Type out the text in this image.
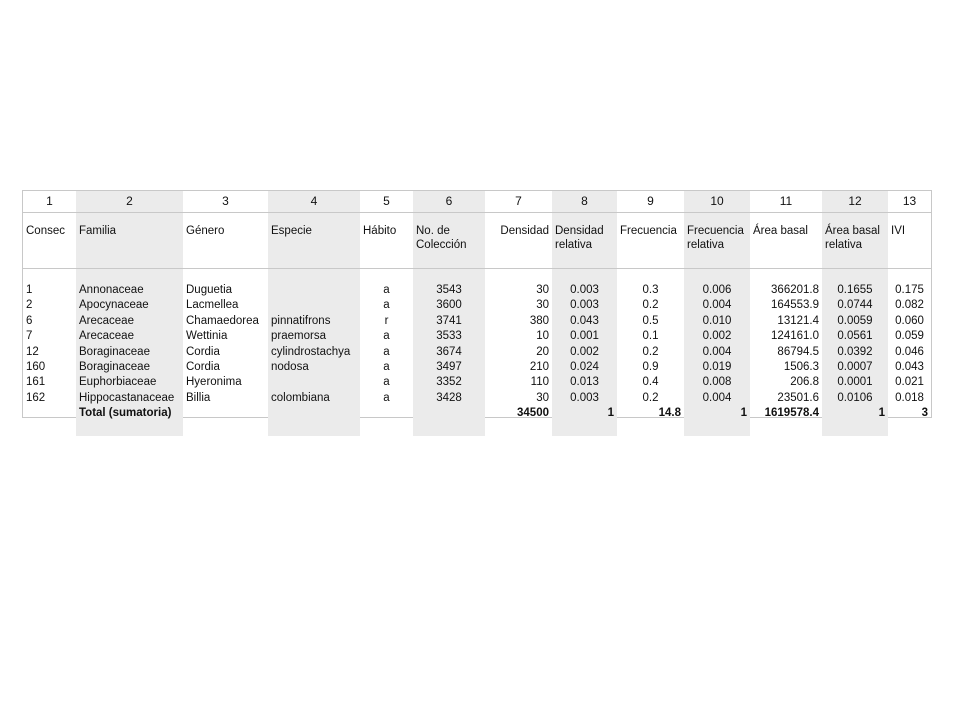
1	2	3	4	5	6	7	8	9	10	11	12	13
Consec	Familia	Género	Especie	Hábito	No. de Colección	Densidad	Densidad relativa	Frecuencia	Frecuencia relativa	Área basal	Área basal relativa	IVI

1	Annonaceae	Duguetia		a	3543	30	0.003	0.3	0.006	366201.8	0.1655	0.175
2	Apocynaceae	Lacmellea		a	3600	30	0.003	0.2	0.004	164553.9	0.0744	0.082
6	Arecaceae	Chamaedorea	pinnatifrons	r	3741	380	0.043	0.5	0.010	13121.4	0.0059	0.060
7	Arecaceae	Wettinia	praemorsa	a	3533	10	0.001	0.1	0.002	124161.0	0.0561	0.059
12	Boraginaceae	Cordia	cylindrostachya	a	3674	20	0.002	0.2	0.004	86794.5	0.0392	0.046
160	Boraginaceae	Cordia	nodosa	a	3497	210	0.024	0.9	0.019	1506.3	0.0007	0.043
161	Euphorbiaceae	Hyeronima		a	3352	110	0.013	0.4	0.008	206.8	0.0001	0.021
162	Hippocastanaceae	Billia	colombiana	a	3428	30	0.003	0.2	0.004	23501.6	0.0106	0.018
	Total (sumatoria)					34500	1	14.8	1	1619578.4	1	3
